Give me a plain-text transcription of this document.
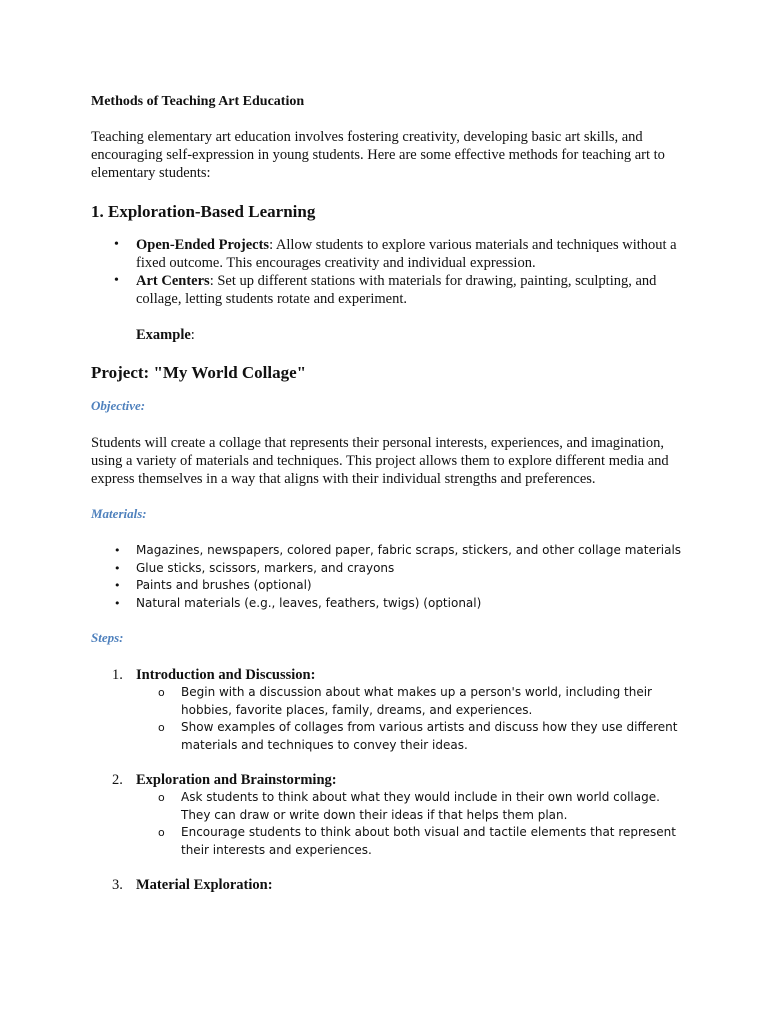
Methods of Teaching Art Education
Teaching elementary art education involves fostering creativity, developing basic art skills, and encouraging self-expression in young students. Here are some effective methods for teaching art to elementary students:
1. Exploration-Based Learning
• Open-Ended Projects: Allow students to explore various materials and techniques without a fixed outcome. This encourages creativity and individual expression.
• Art Centers: Set up different stations with materials for drawing, painting, sculpting, and collage, letting students rotate and experiment.
Example:
Project: "My World Collage"
Objective:
Students will create a collage that represents their personal interests, experiences, and imagination, using a variety of materials and techniques. This project allows them to explore different media and express themselves in a way that aligns with their individual strengths and preferences.
Materials:
• Magazines, newspapers, colored paper, fabric scraps, stickers, and other collage materials
• Glue sticks, scissors, markers, and crayons
• Paints and brushes (optional)
• Natural materials (e.g., leaves, feathers, twigs) (optional)
Steps:
1. Introduction and Discussion:
o Begin with a discussion about what makes up a person's world, including their hobbies, favorite places, family, dreams, and experiences.
o Show examples of collages from various artists and discuss how they use different materials and techniques to convey their ideas.
2. Exploration and Brainstorming:
o Ask students to think about what they would include in their own world collage. They can draw or write down their ideas if that helps them plan.
o Encourage students to think about both visual and tactile elements that represent their interests and experiences.
3. Material Exploration:
